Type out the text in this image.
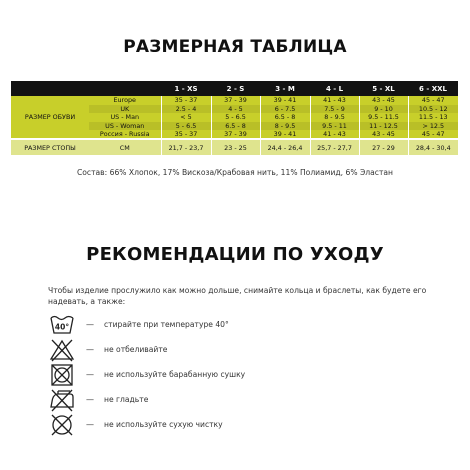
РАЗМЕРНАЯ ТАБЛИЦА
		1 - XS	2 - S	3 - M	4 - L	5 - XL	6 - XXL
РАЗМЕР ОБУВИ	Europe	35 - 37	37 - 39	39 - 41	41 - 43	43 - 45	45 - 47
	UK	2.5 - 4	4 - 5	6 - 7.5	7.5 - 9	9 - 10	10.5 - 12
	US - Man	< 5	5 - 6.5	6.5 - 8	8 - 9.5	9.5 - 11.5	11.5 - 13
	US - Woman	5 - 6.5	6.5 - 8	8 - 9.5	9.5 - 11	11 - 12.5	> 12.5
	Россия - Russia	35 - 37	37 - 39	39 - 41	41 - 43	43 - 45	45 - 47
РАЗМЕР СТОПЫ	CM	21,7 - 23,7	23 - 25	24,4 - 26,4	25,7 - 27,7	27 - 29	28,4 - 30,4
Состав: 66% Хлопок, 17% Вискоза/Крабовая нить, 11% Полиамид, 6% Эластан
РЕКОМЕНДАЦИИ ПО УХОДУ
Чтобы изделие прослужило как можно дольше, снимайте кольца и браслеты, как будете его надевать, а также:
40° — стирайте при температуре 40°
— не отбеливайте
— не используйте барабанную сушку
— не гладьте
— не используйте сухую чистку
